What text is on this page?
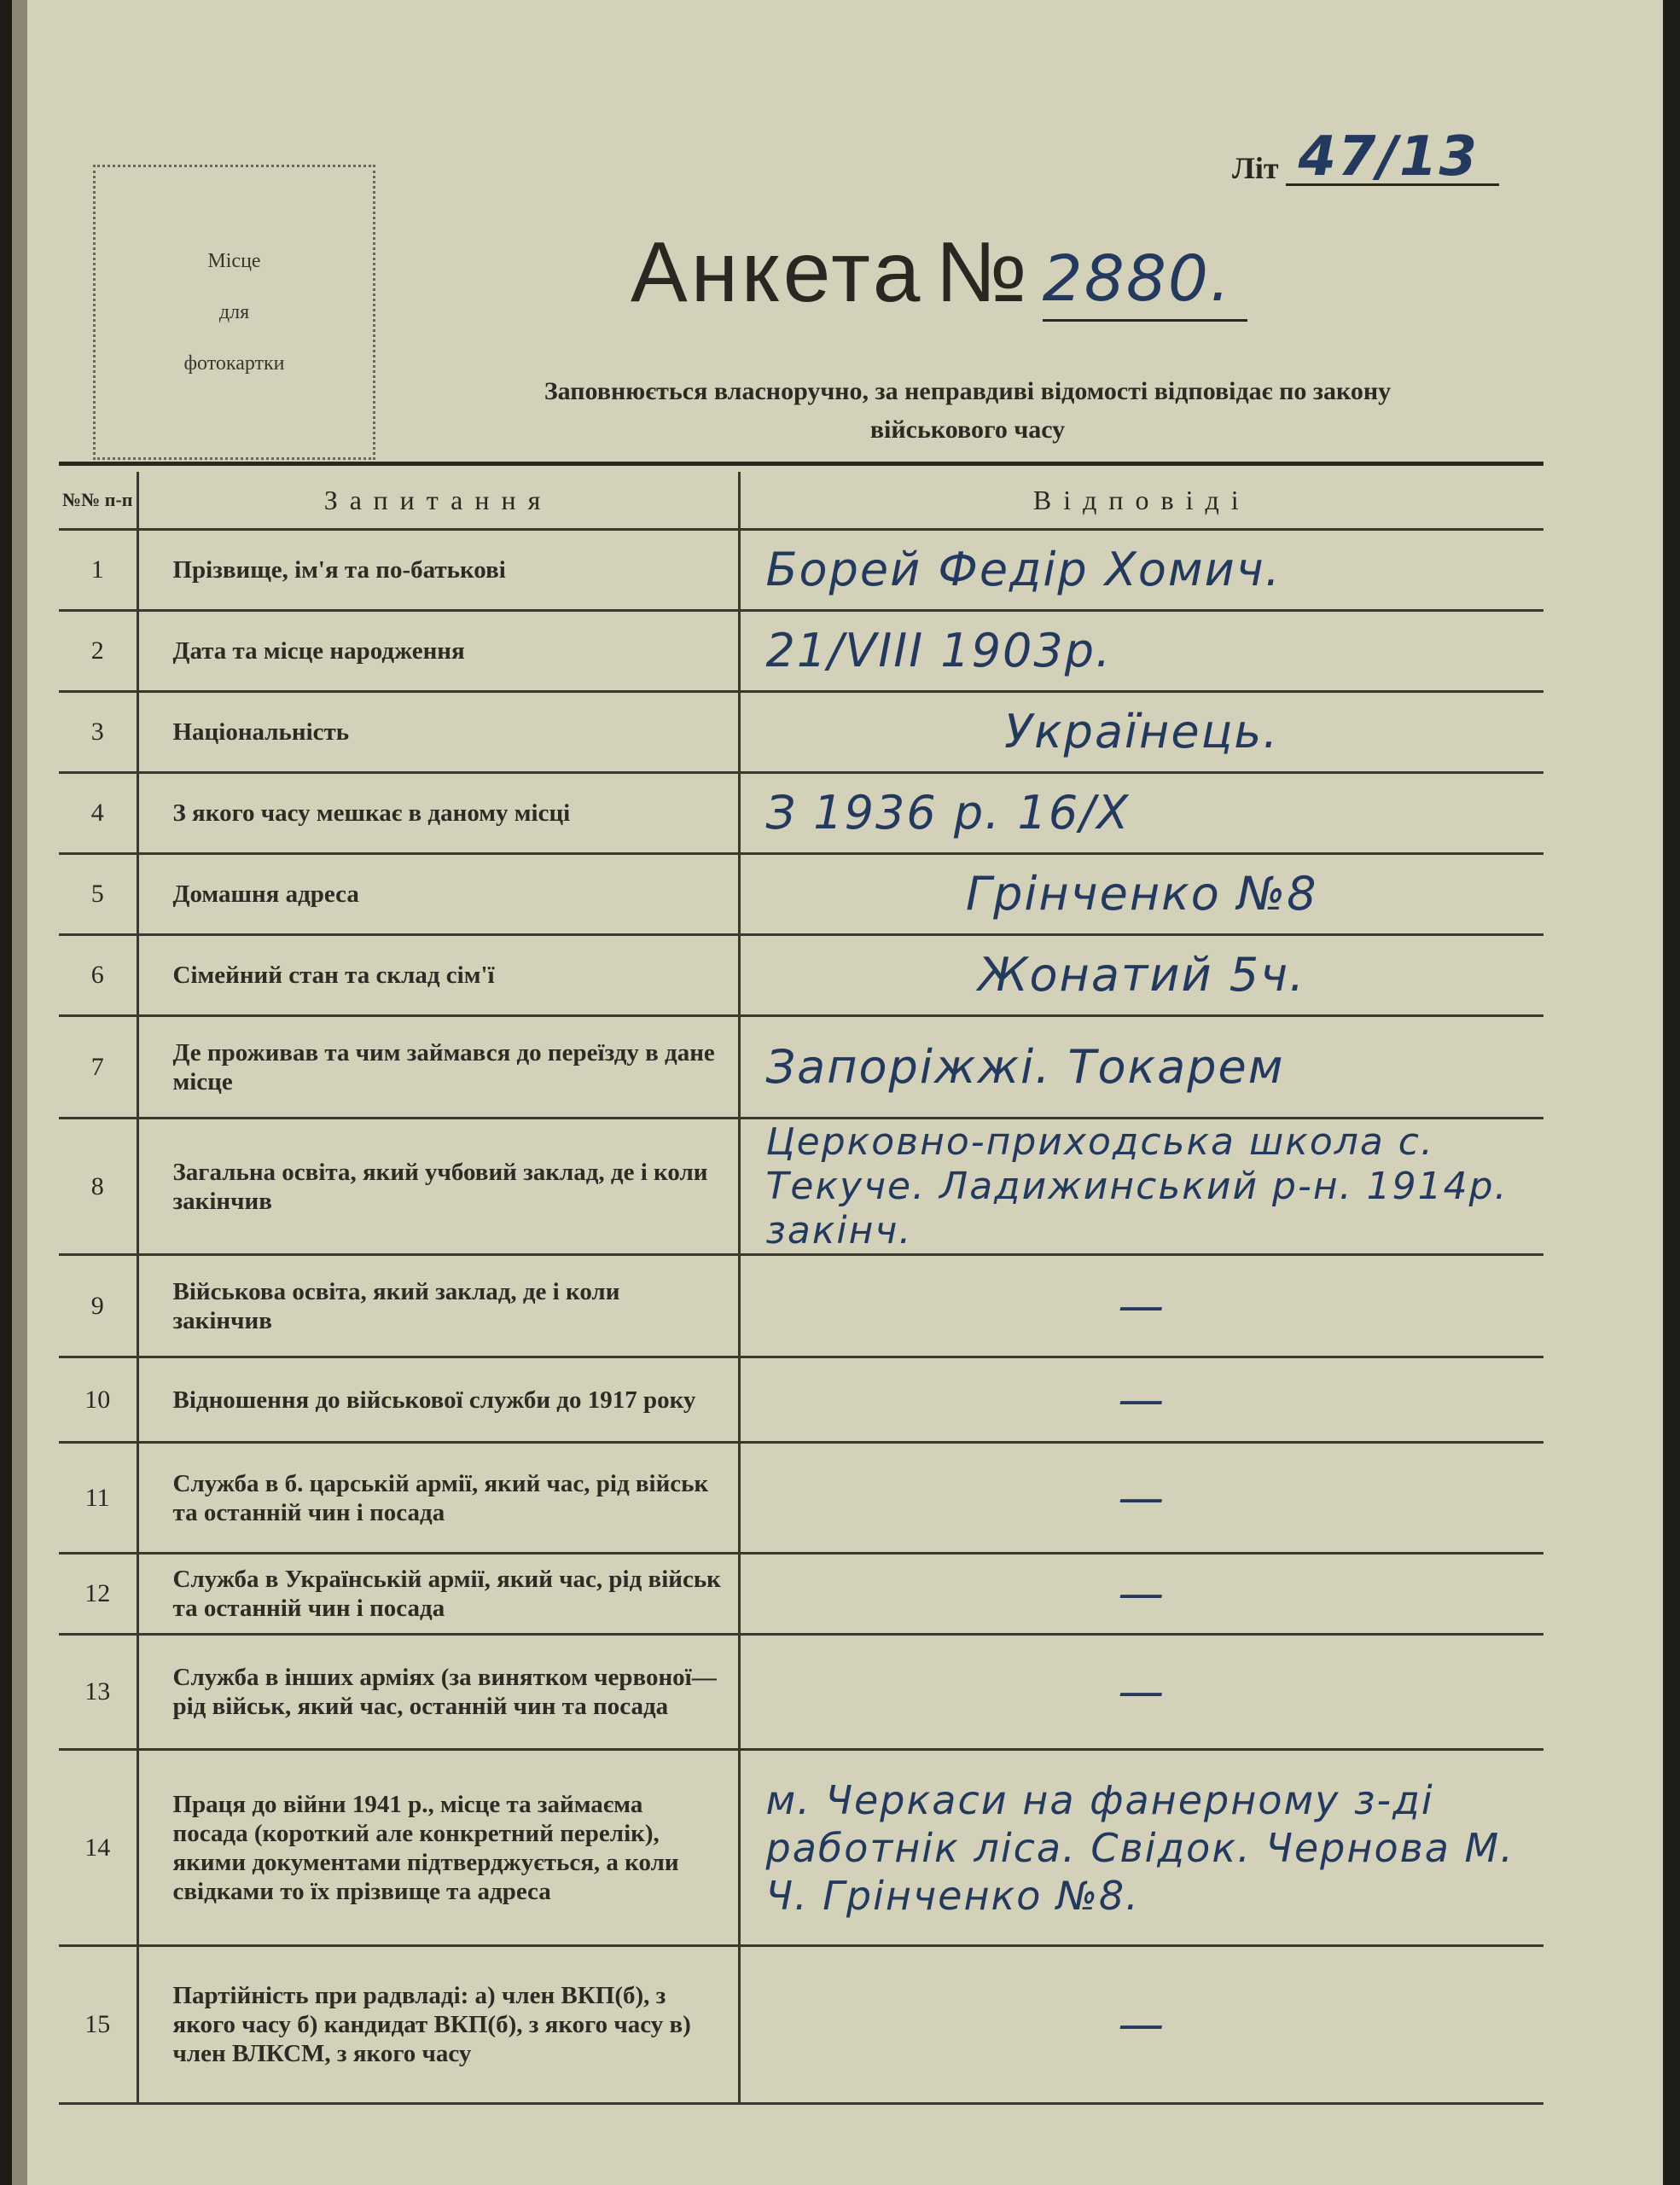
Місце
для
фотокартки
Літ 47/13
Анкета № 2880.
Заповнюється власноручно, за неправдиві відомості відповідає по закону
військового часу
№№ п-п	Запитання	Відповіді
1	Прізвище, ім'я та по-батькові	Борей Федір Хомич.
2	Дата та місце народження	21/VIII 1903р.
3	Національність	Українець.
4	З якого часу мешкає в даному місці	З 1936 р. 16/X
5	Домашня адреса	Грінченко №8
6	Сімейний стан та склад сім'ї	Жонатий 5ч.
7	Де проживав та чим займався до переїзду в дане місце	Запоріжжі. Токарем
8	Загальна освіта, який учбовий заклад, де і коли закінчив	Церковно-приходська школа с. Текуче. Ладижинський р-н. 1914р. закінч.
9	Військова освіта, який заклад, де і коли закінчив	—
10	Відношення до військової служби до 1917 року	—
11	Служба в б. царській армії, який час, рід військ та останній чин і посада	—
12	Служба в Українській армії, який час, рід військ та останній чин і посада	—
13	Служба в інших арміях (за винятком червоної—рід військ, який час, останній чин та посада	—
14	Праця до війни 1941 р., місце та займаєма посада (короткий але конкретний перелік), якими документами підтверджується, а коли свідками то їх прізвище та адреса	м. Черкаси на фанерному з-ді работнік ліса. Свідок. Чернова М. Ч. Грінченко №8.
15	Партійність при радвладі: а) член ВКП(б), з якого часу б) кандидат ВКП(б), з якого часу в) член ВЛКСМ, з якого часу	—
